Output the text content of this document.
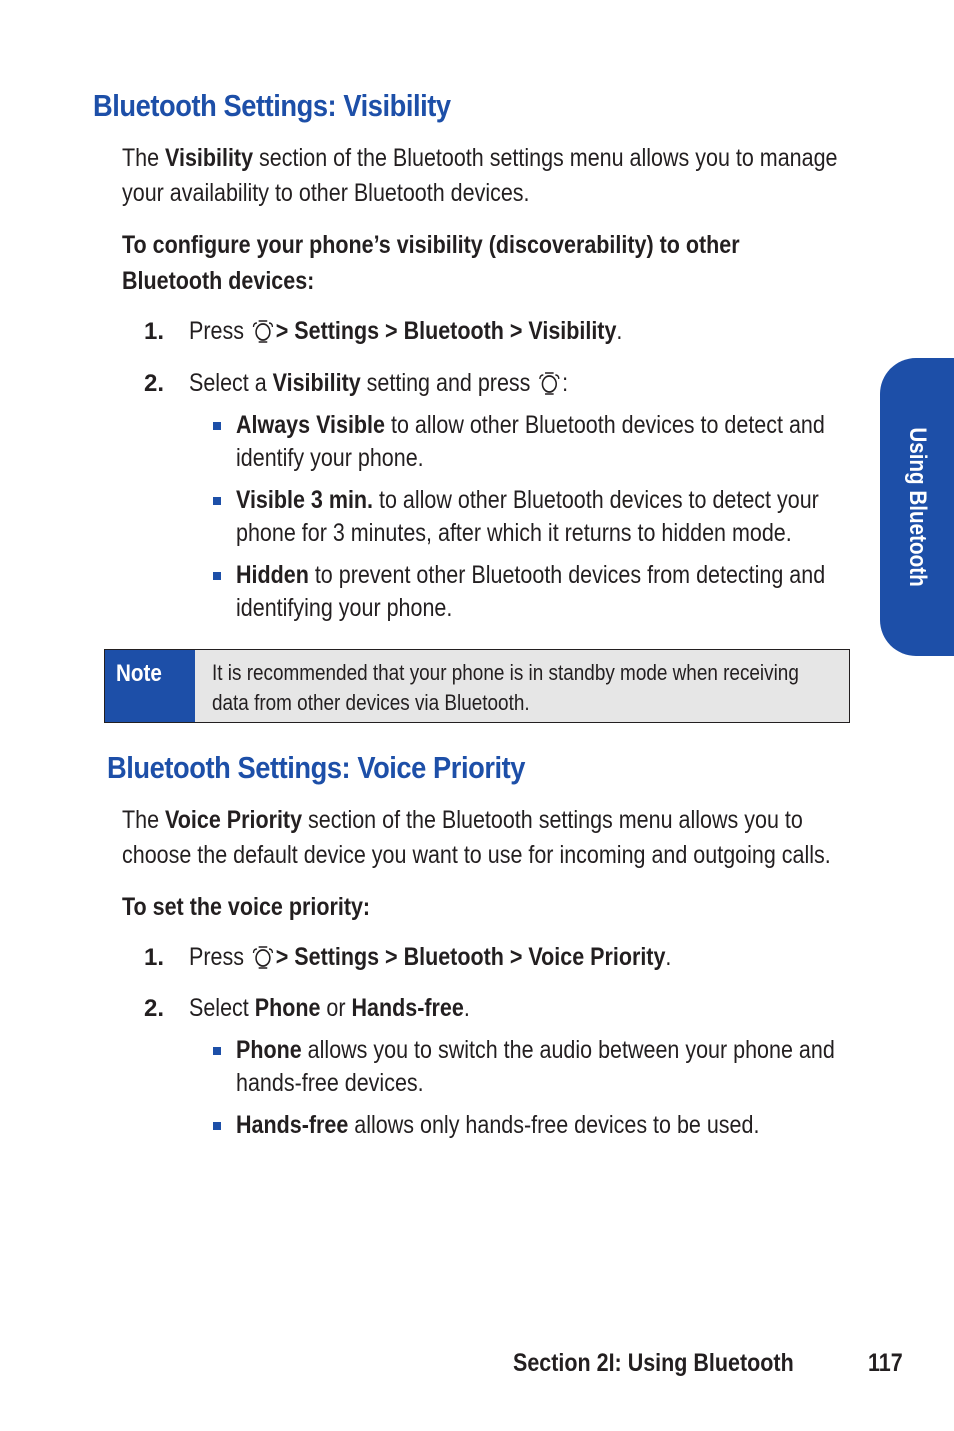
Using Bluetooth
Bluetooth Settings: Visibility
The Visibility section of the Bluetooth settings menu allows you to manage
your availability to other Bluetooth devices.
To configure your phone’s visibility (discoverability) to other
Bluetooth devices:
1. Press > Settings > Bluetooth > Visibility.
2. Select a Visibility setting and press :
Always Visible to allow other Bluetooth devices to detect and
identify your phone.
Visible 3 min. to allow other Bluetooth devices to detect your
phone for 3 minutes, after which it returns to hidden mode.
Hidden to prevent other Bluetooth devices from detecting and
identifying your phone.
Note It is recommended that your phone is in standby mode when receiving
data from other devices via Bluetooth.
Bluetooth Settings: Voice Priority
The Voice Priority section of the Bluetooth settings menu allows you to
choose the default device you want to use for incoming and outgoing calls.
To set the voice priority:
1. Press > Settings > Bluetooth > Voice Priority.
2. Select Phone or Hands-free.
Phone allows you to switch the audio between your phone and
hands-free devices.
Hands-free allows only hands-free devices to be used.
Section 2I: Using Bluetooth	117
